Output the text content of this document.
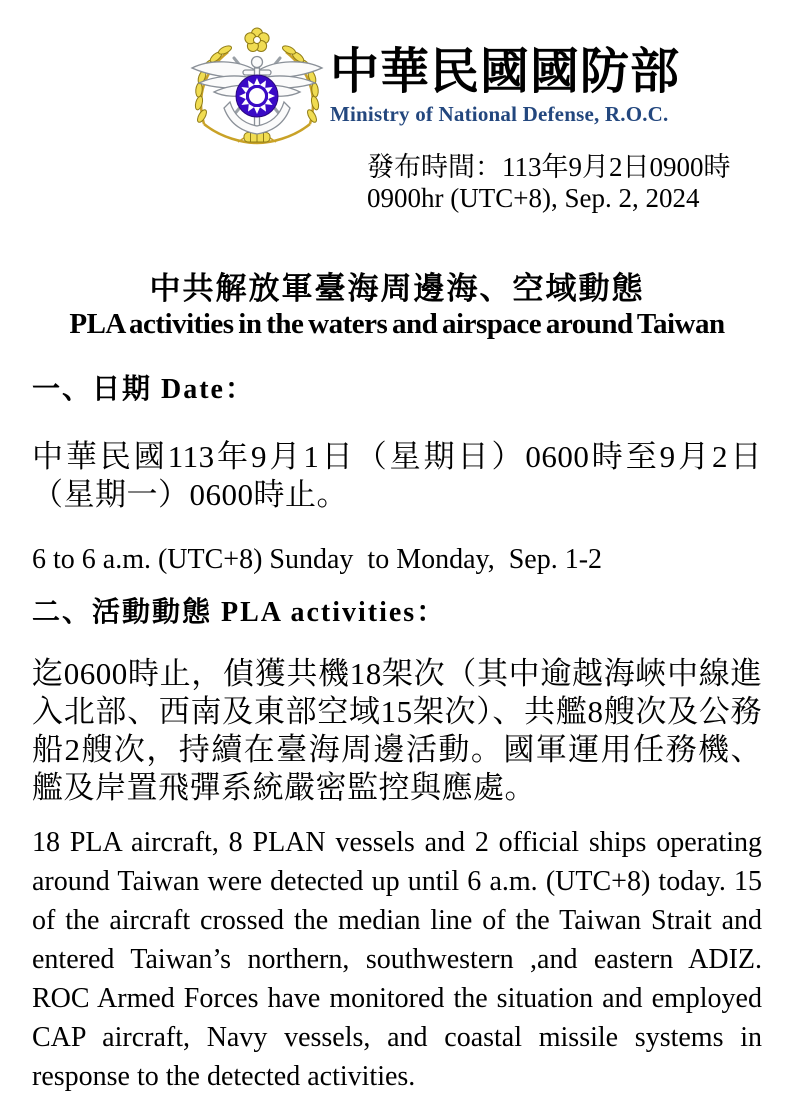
中華民國國防部
Ministry of National Defense, R.O.C.
發布時間：113年9月2日0900時
0900hr (UTC+8), Sep. 2, 2024
中共解放軍臺海周邊海、空域動態
PLA activities in the waters and airspace around Taiwan
一、日期 Date：

中華民國113年9月1日（星期日）0600時至9月2日（星期一）0600時止。

6 to 6 a.m. (UTC+8) Sunday  to Monday,  Sep. 1-2

二、活動動態 PLA activities：

迄0600時止，偵獲共機18架次（其中逾越海峽中線進入北部、西南及東部空域15架次）、共艦8艘次及公務船2艘次，持續在臺海周邊活動。國軍運用任務機、艦及岸置飛彈系統嚴密監控與應處。

18 PLA aircraft, 8 PLAN vessels and 2 official ships operating around Taiwan were detected up until 6 a.m. (UTC+8) today. 15 of the aircraft crossed the median line of the Taiwan Strait and entered Taiwan’s northern, southwestern ,and eastern ADIZ. ROC Armed Forces have monitored the situation and employed CAP aircraft, Navy vessels, and coastal missile systems in response to the detected activities.
